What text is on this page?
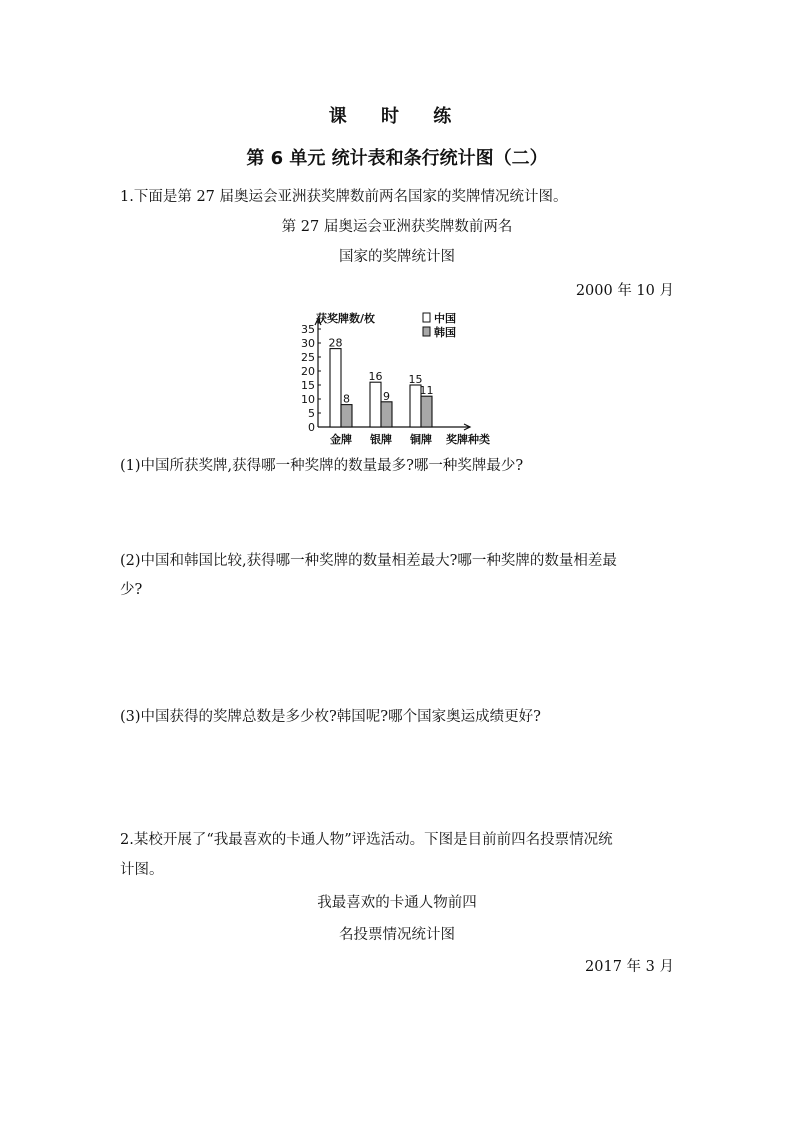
课 时 练
第 6 单元 统计表和条行统计图（二）
1.下面是第 27 届奥运会亚洲获奖牌数前两名国家的奖牌情况统计图。
第 27 届奥运会亚洲获奖牌数前两名
国家的奖牌统计图
2000 年 10 月
0
5
10
15
20
25
30
35
获奖牌数/枚	中国
韩国
28
8
金牌
16
9
银牌
15
11
铜牌 奖牌种类
(1)中国所获奖牌,获得哪一种奖牌的数量最多?哪一种奖牌最少?
(2)中国和韩国比较,获得哪一种奖牌的数量相差最大?哪一种奖牌的数量相差最
少?
(3)中国获得的奖牌总数是多少枚?韩国呢?哪个国家奥运成绩更好?
2.某校开展了“我最喜欢的卡通人物”评选活动。下图是目前前四名投票情况统
计图。
我最喜欢的卡通人物前四
名投票情况统计图
2017 年 3 月
